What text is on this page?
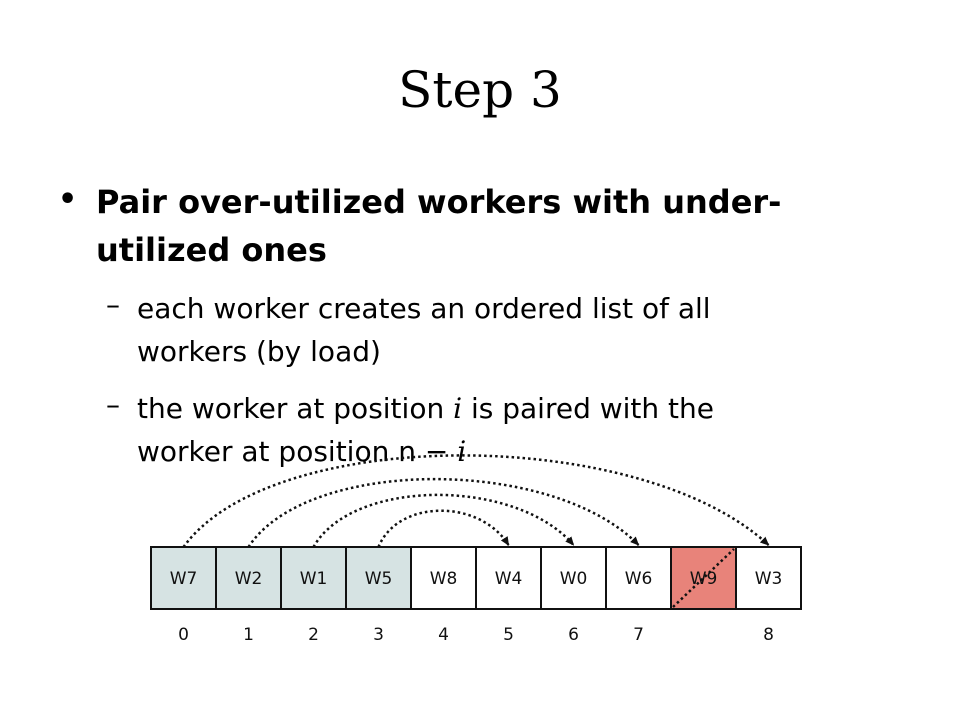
Step 3
• Pair over-utilized workers with under-utilized ones
– each worker creates an ordered list of all
workers (by load)
– the worker at position i is paired with the
worker at position n − i
W7 W2 W1 W5 W8 W4 W0 W6 W9 W3
0	1	2	3	4	5	6	7	8
